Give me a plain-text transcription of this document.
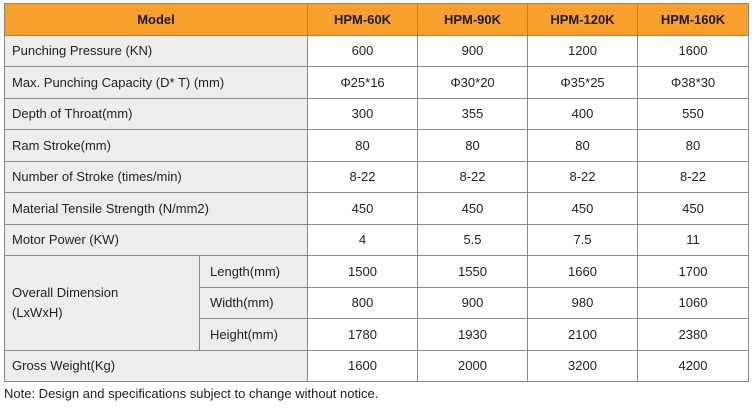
Model		HPM-60K	HPM-90K	HPM-120K	HPM-160K
Punching Pressure (KN)		600	900	1200	1600
Max. Punching Capacity (D* T) (mm)		Φ25*16	Φ30*20	Φ35*25	Φ38*30
Depth of Throat(mm)		300	355	400	550
Ram Stroke(mm)		80	80	80	80
Number of Stroke (times/min)		8-22	8-22	8-22	8-22
Material Tensile Strength (N/mm2)		450	450	450	450
Motor Power (KW)		4	5.5	7.5	11

Overall Dimension
(LxWxH)	Length(mm)	1500	1550	1660	1700
	Width(mm)	800	900	980	1060
	Height(mm)	1780	1930	2100	2380
Gross Weight(Kg)		1600	2000	3200	4200
Note: Design and specifications subject to change without notice.
